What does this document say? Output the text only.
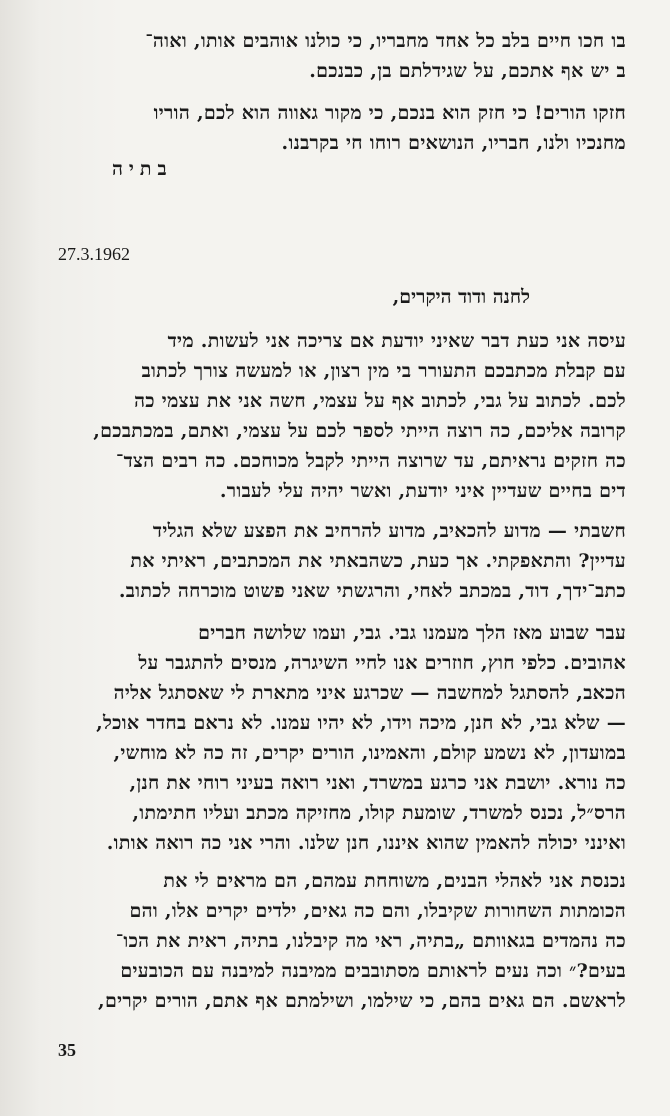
בו חכו חיים בלב כל אחד מחבריו, כי כולנו אוהבים אותו, ואוה־
ב יש אף אתכם, על שגידלתם בן, כבנכם.
חזקו הורים! כי חזק הוא בנכם, כי מקור גאווה הוא לכם, הוריו
מחנכיו ולנו, חבריו, הנושאים רוחו חי בקרבנו.
בתיה
27.3.1962
לחנה ודוד היקרים,
עיסה אני כעת דבר שאיני יודעת אם צריכה אני לעשות. מיד
עם קבלת מכתבכם התעורר בי מין רצון, או למעשה צורך לכתוב
לכם. לכתוב על גבי, לכתוב אף על עצמי, חשה אני את עצמי כה
קרובה אליכם, כה רוצה הייתי לספר לכם על עצמי, ואתם, במכתבכם,
כה חזקים נראיתם, עד שרוצה הייתי לקבל מכוחכם. כה רבים הצד־
דים בחיים שעדיין איני יודעת, ואשר יהיה עלי לעבור.
חשבתי — מדוע להכאיב, מדוע להרחיב את הפצע שלא הגליד
עדיין? והתאפקתי. אך כעת, כשהבאתי את המכתבים, ראיתי את
כתב־ידך, דוד, במכתב לאחי, והרגשתי שאני פשוט מוכרחה לכתוב.
עבר שבוע מאז הלך מעמנו גבי. גבי, ועמו שלושה חברים
אהובים. כלפי חוץ, חוזרים אנו לחיי השיגרה, מנסים להתגבר על
הכאב, להסתגל למחשבה — שכרגע איני מתארת לי שאסתגל אליה
— שלא גבי, לא חנן, מיכה וידו, לא יהיו עמנו. לא נראם בחדר אוכל,
במועדון, לא נשמע קולם, והאמינו, הורים יקרים, זה כה לא מוחשי,
כה נורא. יושבת אני כרגע במשרד, ואני רואה בעיני רוחי את חנן,
הרס״ל, נכנס למשרד, שומעת קולו, מחזיקה מכתב ועליו חתימתו,
ואינני יכולה להאמין שהוא איננו, חנן שלנו. והרי אני כה רואה אותו.
נכנסת אני לאהלי הבנים, משוחחת עמהם, הם מראים לי את
הכומתות השחורות שקיבלו, והם כה גאים, ילדים יקרים אלו, והם
כה נהמדים בגאוותם „בתיה, ראי מה קיבלנו, בתיה, ראית את הכו־
בעים?״ וכה נעים לראותם מסתובבים ממיבנה למיבנה עם הכובעים
לראשם. הם גאים בהם, כי שילמו, ושילמתם אף אתם, הורים יקרים,
35
